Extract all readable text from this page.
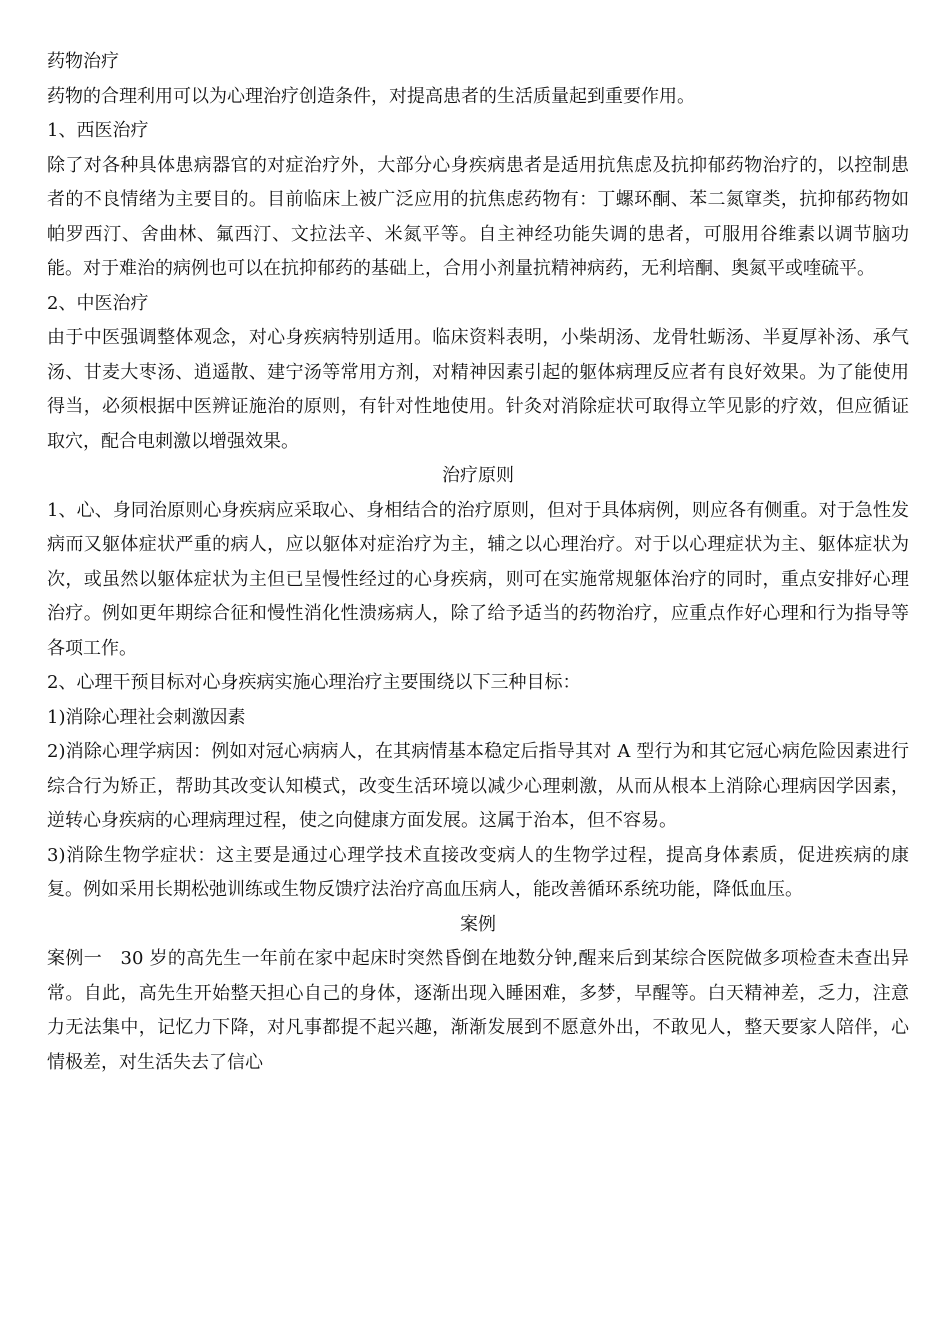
药物治疗

药物的合理利用可以为心理治疗创造条件，对提高患者的生活质量起到重要作用。

1、西医治疗

除了对各种具体患病器官的对症治疗外，大部分心身疾病患者是适用抗焦虑及抗抑郁药物治疗的，以控制患者的不良情绪为主要目的。目前临床上被广泛应用的抗焦虑药物有：丁螺环酮、苯二氮窧类，抗抑郁药物如帕罗西汀、舍曲林、氟西汀、文拉法辛、米氮平等。自主神经功能失调的患者，可服用谷维素以调节脑功能。对于难治的病例也可以在抗抑郁药的基础上，合用小剂量抗精神病药，无利培酮、奥氮平或喹硫平。

2、中医治疗

由于中医强调整体观念，对心身疾病特别适用。临床资料表明，小柴胡汤、龙骨牡蛎汤、半夏厚补汤、承气汤、甘麦大枣汤、逍遥散、建宁汤等常用方剂，对精神因素引起的躯体病理反应者有良好效果。为了能使用得当，必须根据中医辨证施治的原则，有针对性地使用。针灸对消除症状可取得立竿见影的疗效，但应循证取穴，配合电刺激以增强效果。

治疗原则

1、心、身同治原则心身疾病应采取心、身相结合的治疗原则，但对于具体病例，则应各有侧重。对于急性发病而又躯体症状严重的病人，应以躯体对症治疗为主，辅之以心理治疗。对于以心理症状为主、躯体症状为次，或虽然以躯体症状为主但已呈慢性经过的心身疾病，则可在实施常规躯体治疗的同时，重点安排好心理治疗。例如更年期综合征和慢性消化性溃疡病人，除了给予适当的药物治疗，应重点作好心理和行为指导等各项工作。

2、心理干预目标对心身疾病实施心理治疗主要围绕以下三种目标：

1)消除心理社会刺激因素

2)消除心理学病因：例如对冠心病病人，在其病情基本稳定后指导其对 A 型行为和其它冠心病危险因素进行综合行为矫正，帮助其改变认知模式，改变生活环境以减少心理刺激，从而从根本上消除心理病因学因素，逆转心身疾病的心理病理过程，使之向健康方面发展。这属于治本，但不容易。

3)消除生物学症状：这主要是通过心理学技术直接改变病人的生物学过程，提高身体素质，促进疾病的康复。例如采用长期松弛训练或生物反馈疗法治疗高血压病人，能改善循环系统功能，降低血压。

案例

案例一　30 岁的高先生一年前在家中起床时突然昏倒在地数分钟,醒来后到某综合医院做多项检查未查出异常。自此，高先生开始整天担心自己的身体，逐渐出现入睡困难，多梦，早醒等。白天精神差，乏力，注意力无法集中，记忆力下降，对凡事都提不起兴趣，渐渐发展到不愿意外出，不敢见人，整天要家人陪伴，心情极差，对生活失去了信心
